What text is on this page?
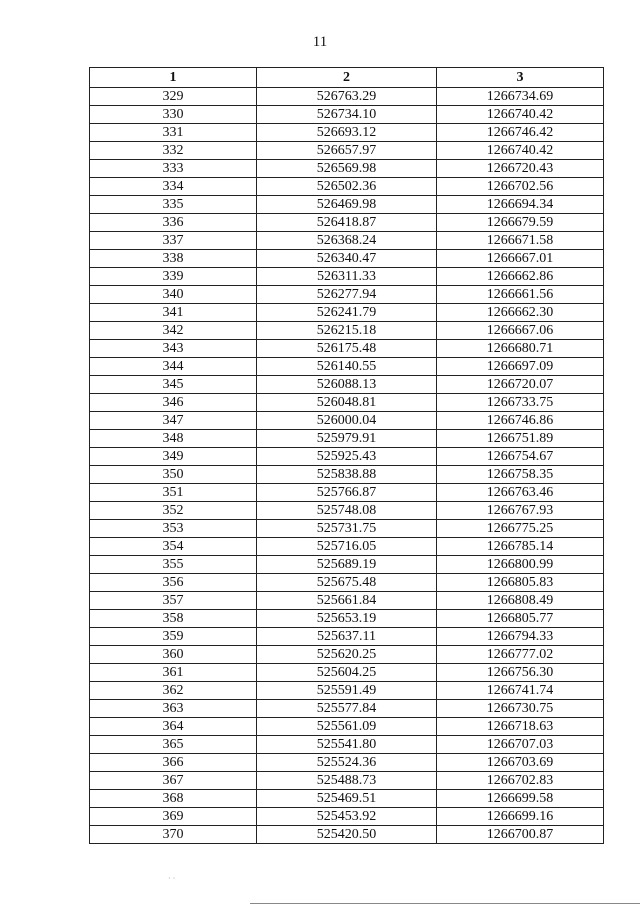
11
1	2	3
329	526763.29	1266734.69
330	526734.10	1266740.42
331	526693.12	1266746.42
332	526657.97	1266740.42
333	526569.98	1266720.43
334	526502.36	1266702.56
335	526469.98	1266694.34
336	526418.87	1266679.59
337	526368.24	1266671.58
338	526340.47	1266667.01
339	526311.33	1266662.86
340	526277.94	1266661.56
341	526241.79	1266662.30
342	526215.18	1266667.06
343	526175.48	1266680.71
344	526140.55	1266697.09
345	526088.13	1266720.07
346	526048.81	1266733.75
347	526000.04	1266746.86
348	525979.91	1266751.89
349	525925.43	1266754.67
350	525838.88	1266758.35
351	525766.87	1266763.46
352	525748.08	1266767.93
353	525731.75	1266775.25
354	525716.05	1266785.14
355	525689.19	1266800.99
356	525675.48	1266805.83
357	525661.84	1266808.49
358	525653.19	1266805.77
359	525637.11	1266794.33
360	525620.25	1266777.02
361	525604.25	1266756.30
362	525591.49	1266741.74
363	525577.84	1266730.75
364	525561.09	1266718.63
365	525541.80	1266707.03
366	525524.36	1266703.69
367	525488.73	1266702.83
368	525469.51	1266699.58
369	525453.92	1266699.16
370	525420.50	1266700.87
· ·
